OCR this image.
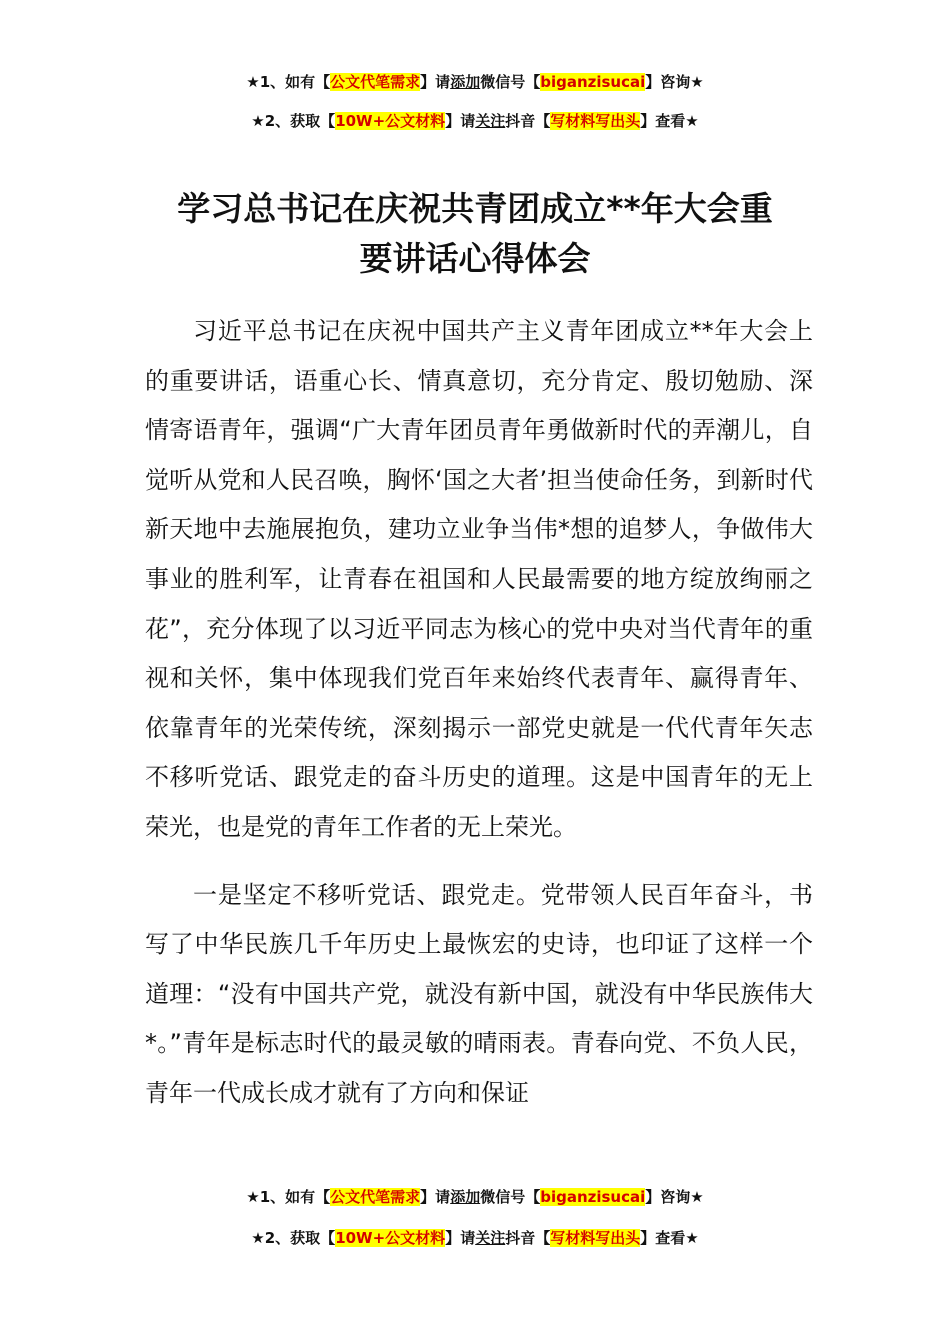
★1、如有【公文代笔需求】请添加微信号【biganzisucai】咨询★
★2、获取【10W+公文材料】请关注抖音【写材料写出头】查看★
学习总书记在庆祝共青团成立**年大会重
要讲话心得体会

习近平总书记在庆祝中国共产主义青年团成立**年大会上的重要讲话，语重心长、情真意切，充分肯定、殷切勉励、深情寄语青年，强调“广大青年团员青年勇做新时代的弄潮儿，自觉听从党和人民召唤，胸怀‘国之大者’担当使命任务，到新时代新天地中去施展抱负，建功立业争当伟*想的追梦人，争做伟大事业的胜利军，让青春在祖国和人民最需要的地方绽放绚丽之花”，充分体现了以习近平同志为核心的党中央对当代青年的重视和关怀，集中体现我们党百年来始终代表青年、赢得青年、依靠青年的光荣传统，深刻揭示一部党史就是一代代青年矢志不移听党话、跟党走的奋斗历史的道理。这是中国青年的无上荣光，也是党的青年工作者的无上荣光。

一是坚定不移听党话、跟党走。党带领人民百年奋斗，书写了中华民族几千年历史上最恢宏的史诗，也印证了这样一个道理：“没有中国共产党，就没有新中国，就没有中华民族伟大*。”青年是标志时代的最灵敏的晴雨表。青春向党、不负人民，青年一代成长成才就有了方向和保证

★1、如有【公文代笔需求】请添加微信号【biganzisucai】咨询★
★2、获取【10W+公文材料】请关注抖音【写材料写出头】查看★
